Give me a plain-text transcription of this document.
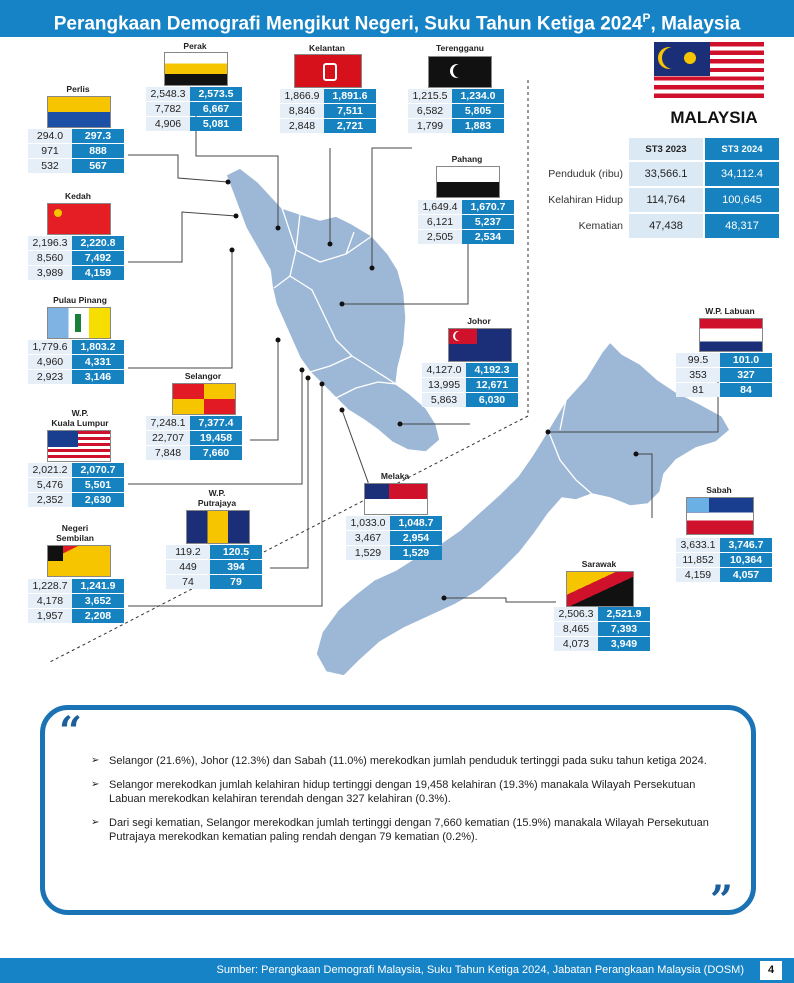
Perangkaan Demografi Mengikut Negeri, Suku Tahun Ketiga $2024^P$, Malaysia
Perlis
Kedah
Pulau Pinang
W.P.
Kuala Lumpur
Negeri
Sembilan
Perak	Kelantan	Terengganu
Pahang
Johor
Selangor
W.P.
Putrajaya
Melaka
W.P. Labuan
Sabah
Sarawak
294.0	297.3
971	888
532	567
2,196.3	2,220.8
8,560	7,492
3,989	4,159
1,779.6	1,803.2
4,960	4,331
2,923	3,146
2,021.2	2,070.7
5,476	5,501
2,352	2,630
1,228.7	1,241.9
4,178	3,652
1,957	2,208
2,548.3	2,573.5
7,782	6,667
4,906	5,081
1,866.9	1,891.6
8,846	7,511
2,848	2,721
1,215.5	1,234.0
6,582	5,805
1,799	1,883
1,649.4	1,670.7
6,121	5,237
2,505	2,534
4,127.0	4,192.3
13,995	12,671
5,863	6,030
7,248.1	7,377.4
22,707	19,458
7,848	7,660
119.2	120.5
449	394
74	79
1,033.0	1,048.7
3,467	2,954
1,529	1,529
99.5	101.0
353	327
81	84
3,633.1	3,746.7
11,852	10,364
4,159	4,057
2,506.3	2,521.9
8,465	7,393
4,073	3,949
MALAYSIA
	ST3 2023	ST3 2024
Penduduk (ribu)	33,566.1	34,112.4
Kelahiran Hidup	114,764	100,645
Kematian	47,438	48,317
“
➢ Selangor (21.6%), Johor (12.3%) dan Sabah (11.0%) merekodkan jumlah penduduk tertinggi pada suku tahun ketiga 2024.
➢ Selangor merekodkan jumlah kelahiran hidup tertinggi dengan 19,458 kelahiran (19.3%) manakala Wilayah Persekutuan Labuan merekodkan kelahiran terendah dengan 327 kelahiran (0.3%).
➢ Dari segi kematian, Selangor merekodkan jumlah tertinggi dengan 7,660 kematian (15.9%) manakala Wilayah Persekutuan Putrajaya merekodkan kematian paling rendah dengan 79 kematian (0.2%).
”
Sumber: Perangkaan Demografi Malaysia, Suku Tahun Ketiga 2024, Jabatan Perangkaan Malaysia (DOSM)	4
